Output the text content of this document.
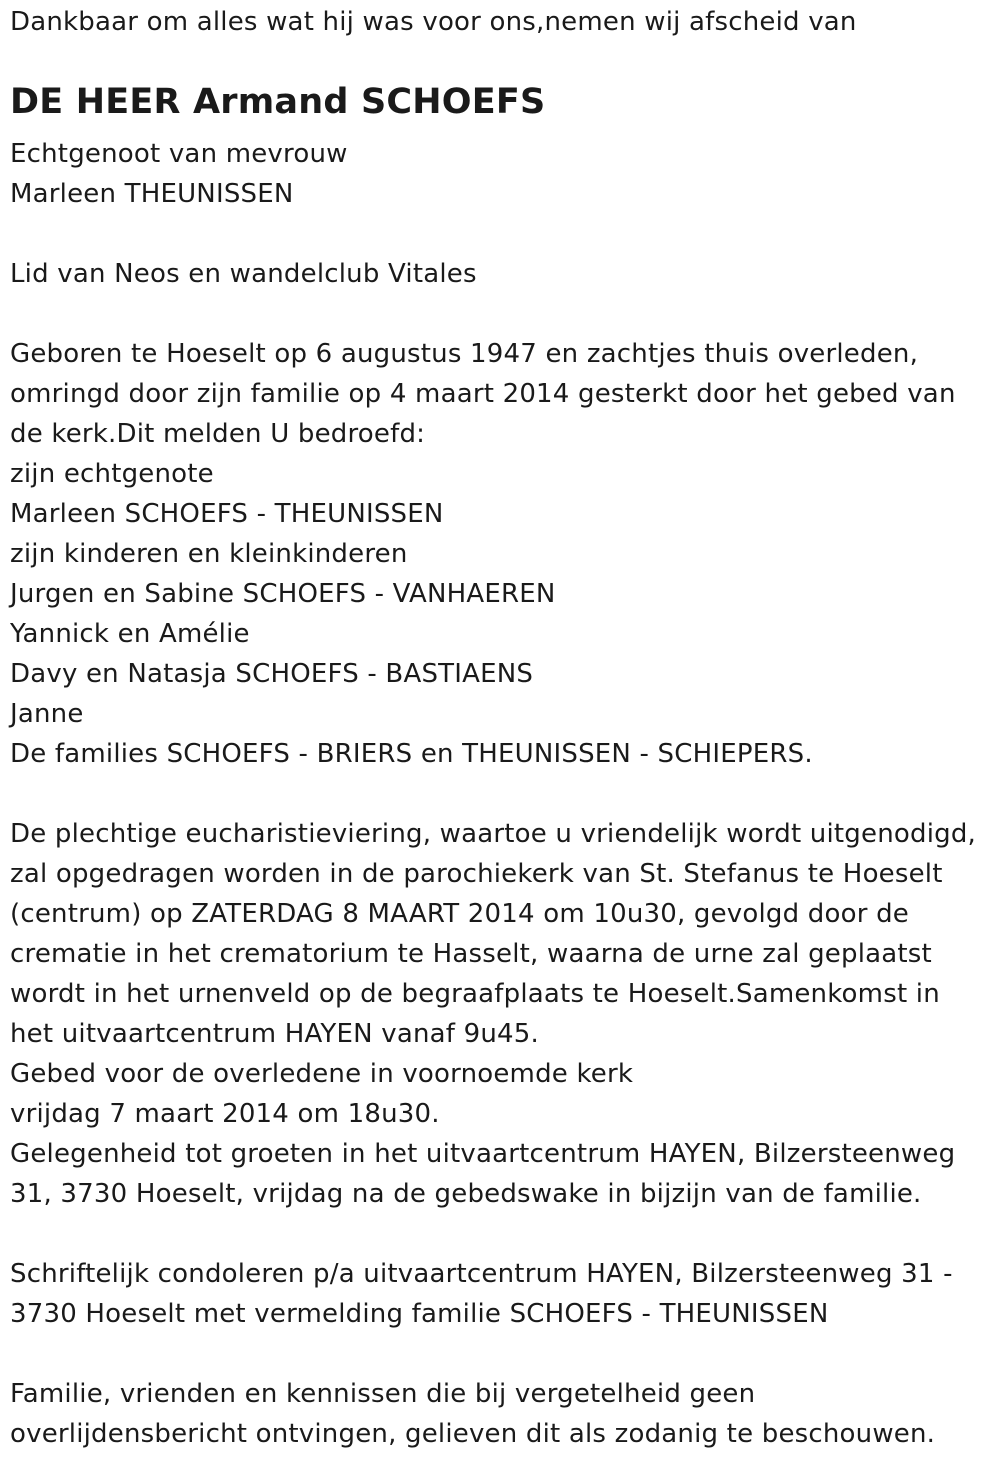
Dankbaar om alles wat hij was voor ons,nemen wij afscheid van
DE HEER Armand SCHOEFS
Echtgenoot van mevrouw
Marleen THEUNISSEN
Lid van Neos en wandelclub Vitales
Geboren te Hoeselt op 6 augustus 1947 en zachtjes thuis overleden,
omringd door zijn familie op 4 maart 2014 gesterkt door het gebed van
de kerk.Dit melden U bedroefd:
zijn echtgenote
Marleen SCHOEFS - THEUNISSEN
zijn kinderen en kleinkinderen
Jurgen en Sabine SCHOEFS - VANHAEREN
Yannick en Amélie
Davy en Natasja SCHOEFS - BASTIAENS
Janne
De families SCHOEFS - BRIERS en THEUNISSEN - SCHIEPERS.
De plechtige eucharistieviering, waartoe u vriendelijk wordt uitgenodigd,
zal opgedragen worden in de parochiekerk van St. Stefanus te Hoeselt
(centrum) op ZATERDAG 8 MAART 2014 om 10u30, gevolgd door de
crematie in het crematorium te Hasselt, waarna de urne zal geplaatst
wordt in het urnenveld op de begraafplaats te Hoeselt.Samenkomst in
het uitvaartcentrum HAYEN vanaf 9u45.
Gebed voor de overledene in voornoemde kerk
vrijdag 7 maart 2014 om 18u30.
Gelegenheid tot groeten in het uitvaartcentrum HAYEN, Bilzersteenweg
31, 3730 Hoeselt, vrijdag na de gebedswake in bijzijn van de familie.
Schriftelijk condoleren p/a uitvaartcentrum HAYEN, Bilzersteenweg 31 -
3730 Hoeselt met vermelding familie SCHOEFS - THEUNISSEN
Familie, vrienden en kennissen die bij vergetelheid geen
overlijdensbericht ontvingen, gelieven dit als zodanig te beschouwen.
